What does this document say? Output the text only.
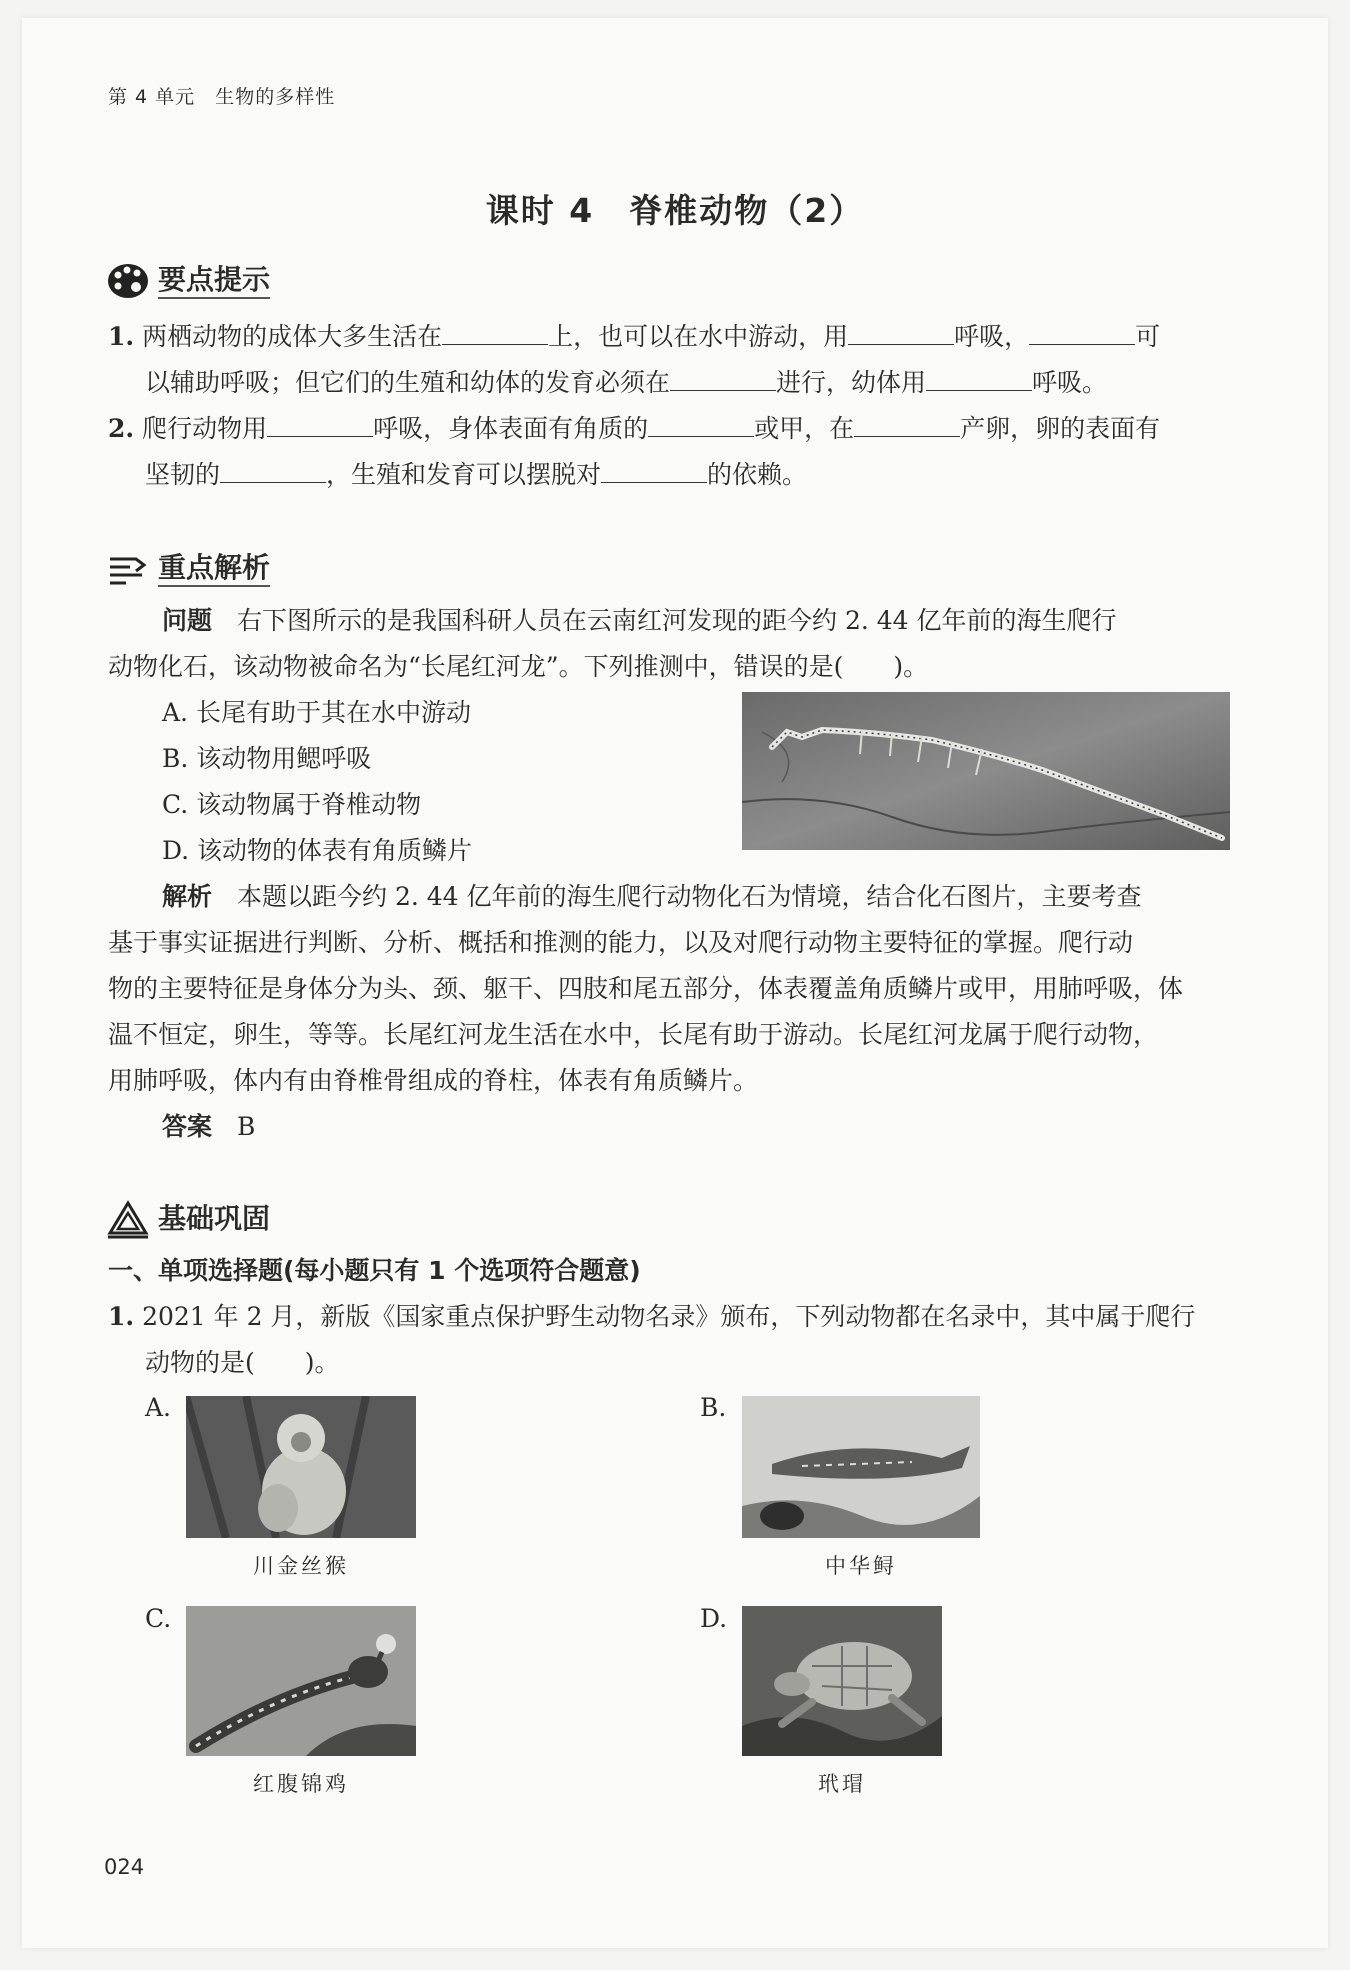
第 4 单元　 生物的多样性
课时 4　脊椎动物（2）
要点提示
1. 两栖动物的成体大多生活在	上，也可以在水中游动，用	呼吸，	可
以辅助呼吸；但它们的生殖和幼体的发育必须在	进行，幼体用	呼吸。
2. 爬行动物用	呼吸，身体表面有角质的	或甲，在	产卵，卵的表面有
坚韧的	，生殖和发育可以摆脱对	的依赖。
重点解析
问题　 右下图所示的是我国科研人员在云南红河发现的距今约 2. 44 亿年前的海生爬行
动物化石，该动物被命名为“长尾红河龙”。下列推测中，错误的是(　　)。
A. 长尾有助于其在水中游动
B. 该动物用鳃呼吸
C. 该动物属于脊椎动物
D. 该动物的体表有角质鳞片
解析　 本题以距今约 2. 44 亿年前的海生爬行动物化石为情境，结合化石图片，主要考查
基于事实证据进行判断、分析、概括和推测的能力，以及对爬行动物主要特征的掌握。爬行动
物的主要特征是身体分为头、颈、躯干、四肢和尾五部分，体表覆盖角质鳞片或甲，用肺呼吸，体
温不恒定，卵生，等等。长尾红河龙生活在水中，长尾有助于游动。长尾红河龙属于爬行动物，
用肺呼吸，体内有由脊椎骨组成的脊柱，体表有角质鳞片。
答案　 B
基础巩固
一、单项选择题(每小题只有 1 个选项符合题意)
1. 2021 年 2 月，新版《国家重点保护野生动物名录》颁布，下列动物都在名录中，其中属于爬行
动物的是(　　)。
A.
川金丝猴
B.
中华鲟
C.
红腹锦鸡
D.
玳瑁
024
